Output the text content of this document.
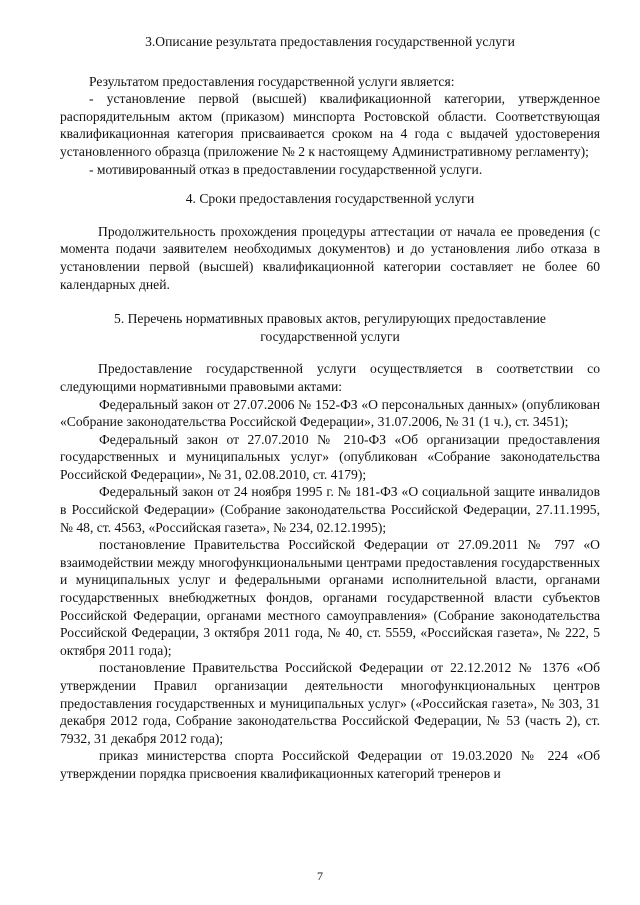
3.Описание результата предоставления государственной услуги

Результатом предоставления государственной услуги является:

- установление первой (высшей) квалификационной категории, утвержденное распорядительным актом (приказом) минспорта Ростовской области. Соответствующая квалификационная категория присваивается сроком на 4 года с выдачей удостоверения установленного образца (приложение № 2 к настоящему Административному регламенту);

- мотивированный отказ в предоставлении государственной услуги.

4. Сроки предоставления государственной услуги

Продолжительность прохождения процедуры аттестации от начала ее проведения (с момента подачи заявителем необходимых документов) и до установления либо отказа в установлении первой (высшей) квалификационной категории составляет не более 60 календарных дней.

5. Перечень нормативных правовых актов, регулирующих предоставление
государственной услуги

Предоставление государственной услуги осуществляется в соответствии со следующими нормативными правовыми актами:

Федеральный закон от 27.07.2006 № 152-ФЗ «О персональных данных» (опубликован «Собрание законодательства Российской Федерации», 31.07.2006, № 31 (1 ч.), ст. 3451);

Федеральный закон от 27.07.2010 № 210-ФЗ «Об организации предоставления государственных и муниципальных услуг» (опубликован «Собрание законодательства Российской Федерации», № 31, 02.08.2010, ст. 4179);

Федеральный закон от 24 ноября 1995 г. № 181-ФЗ «О социальной защите инвалидов в Российской Федерации» (Собрание законодательства Российской Федерации, 27.11.1995, № 48, ст. 4563, «Российская газета», № 234, 02.12.1995);

постановление Правительства Российской Федерации от 27.09.2011 № 797 «О взаимодействии между многофункциональными центрами предоставления государственных и муниципальных услуг и федеральными органами исполнительной власти, органами государственных внебюджетных фондов, органами государственной власти субъектов Российской Федерации, органами местного самоуправления» (Собрание законодательства Российской Федерации, 3 октября 2011 года, № 40, ст. 5559, «Российская газета», № 222, 5 октября 2011 года);

постановление Правительства Российской Федерации от 22.12.2012 № 1376 «Об утверждении Правил организации деятельности многофункциональных центров предоставления государственных и муниципальных услуг» («Российская газета», № 303, 31 декабря 2012 года, Собрание законодательства Российской Федерации, № 53 (часть 2), ст. 7932, 31 декабря 2012 года);

приказ министерства спорта Российской Федерации от 19.03.2020 № 224 «Об утверждении порядка присвоения квалификационных категорий тренеров и

7
